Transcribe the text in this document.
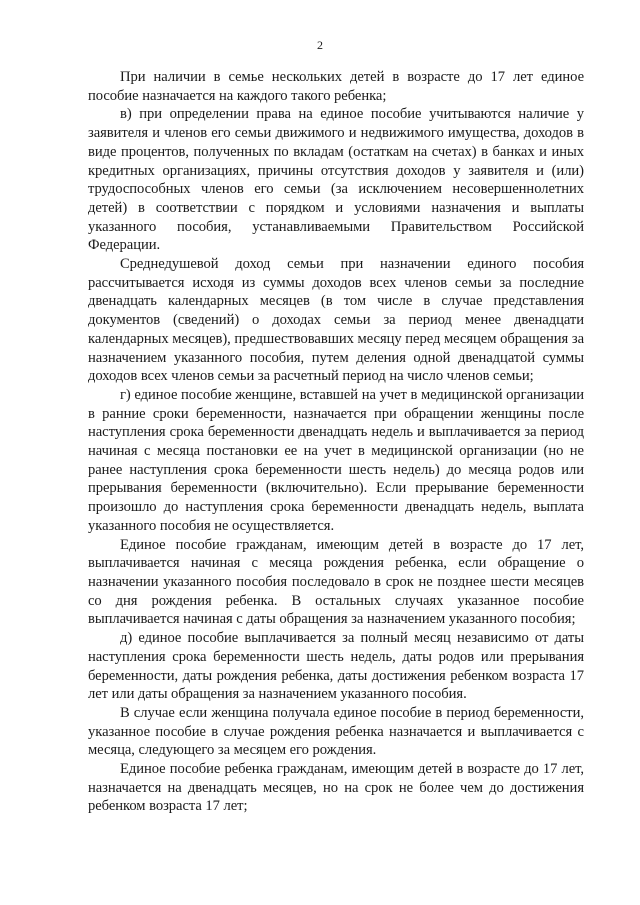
2

При наличии в семье нескольких детей в возрасте до 17 лет единое пособие назначается на каждого такого ребенка;

в) при определении права на единое пособие учитываются наличие у заявителя и членов его семьи движимого и недвижимого имущества, доходов в виде процентов, полученных по вкладам (остаткам на счетах) в банках и иных кредитных организациях, причины отсутствия доходов у заявителя и (или) трудоспособных членов его семьи (за исключением несовершеннолетних детей) в соответствии с порядком и условиями назначения и выплаты указанного пособия, устанавливаемыми Правительством Российской Федерации.

Среднедушевой доход семьи при назначении единого пособия рассчитывается исходя из суммы доходов всех членов семьи за последние двенадцать календарных месяцев (в том числе в случае представления документов (сведений) о доходах семьи за период менее двенадцати календарных месяцев), предшествовавших месяцу перед месяцем обращения за назначением указанного пособия, путем деления одной двенадцатой суммы доходов всех членов семьи за расчетный период на число членов семьи;

г) единое пособие женщине, вставшей на учет в медицинской организации в ранние сроки беременности, назначается при обращении женщины после наступления срока беременности двенадцать недель и выплачивается за период начиная с месяца постановки ее на учет в медицинской организации (но не ранее наступления срока беременности шесть недель) до месяца родов или прерывания беременности (включительно). Если прерывание беременности произошло до наступления срока беременности двенадцать недель, выплата указанного пособия не осуществляется.

Единое пособие гражданам, имеющим детей в возрасте до 17 лет, выплачивается начиная с месяца рождения ребенка, если обращение о назначении указанного пособия последовало в срок не позднее шести месяцев со дня рождения ребенка. В остальных случаях указанное пособие выплачивается начиная с даты обращения за назначением указанного пособия;

д) единое пособие выплачивается за полный месяц независимо от даты наступления срока беременности шесть недель, даты родов или прерывания беременности, даты рождения ребенка, даты достижения ребенком возраста 17 лет или даты обращения за назначением указанного пособия.

В случае если женщина получала единое пособие в период беременности, указанное пособие в случае рождения ребенка назначается и выплачивается с месяца, следующего за месяцем его рождения.

Единое пособие ребенка гражданам, имеющим детей в возрасте до 17 лет, назначается на двенадцать месяцев, но на срок не более чем до достижения ребенком возраста 17 лет;
